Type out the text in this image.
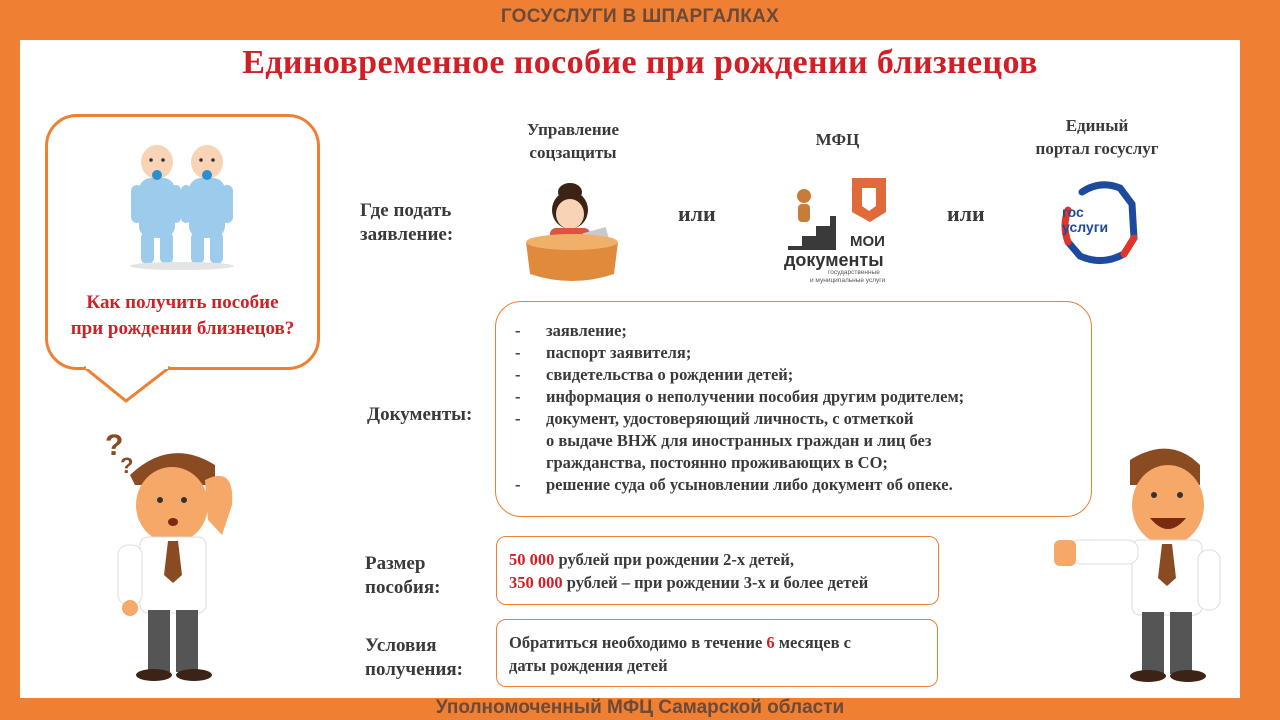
ГОСУСЛУГИ В ШПАРГАЛКАХ
Единовременное пособие при рождении близнецов
Как получить пособие
при рождении близнецов?
?
?
Управление
соцзащиты
МФЦ
Единый
портал госуслуг
Где подать
заявление:
или	или
МОИ
документы
государственные
и муниципальные услуги
гос
услуги
Документы:
- заявление;
- паспорт заявителя;
- свидетельства о рождении детей;
- информация о неполучении пособия другим родителем;
- документ, удостоверяющий личность, с отметкой
о выдаче ВНЖ для иностранных граждан и лиц без
гражданства, постоянно проживающих в СО;
- решение суда об усыновлении либо документ об опеке.
Размер
пособия:
50 000 рублей при рождении 2-х детей,
350 000 рублей – при рождении 3-х и более детей
Условия
получения:
Обратиться необходимо в течение 6 месяцев с
даты рождения детей
Уполномоченный МФЦ Самарской области
